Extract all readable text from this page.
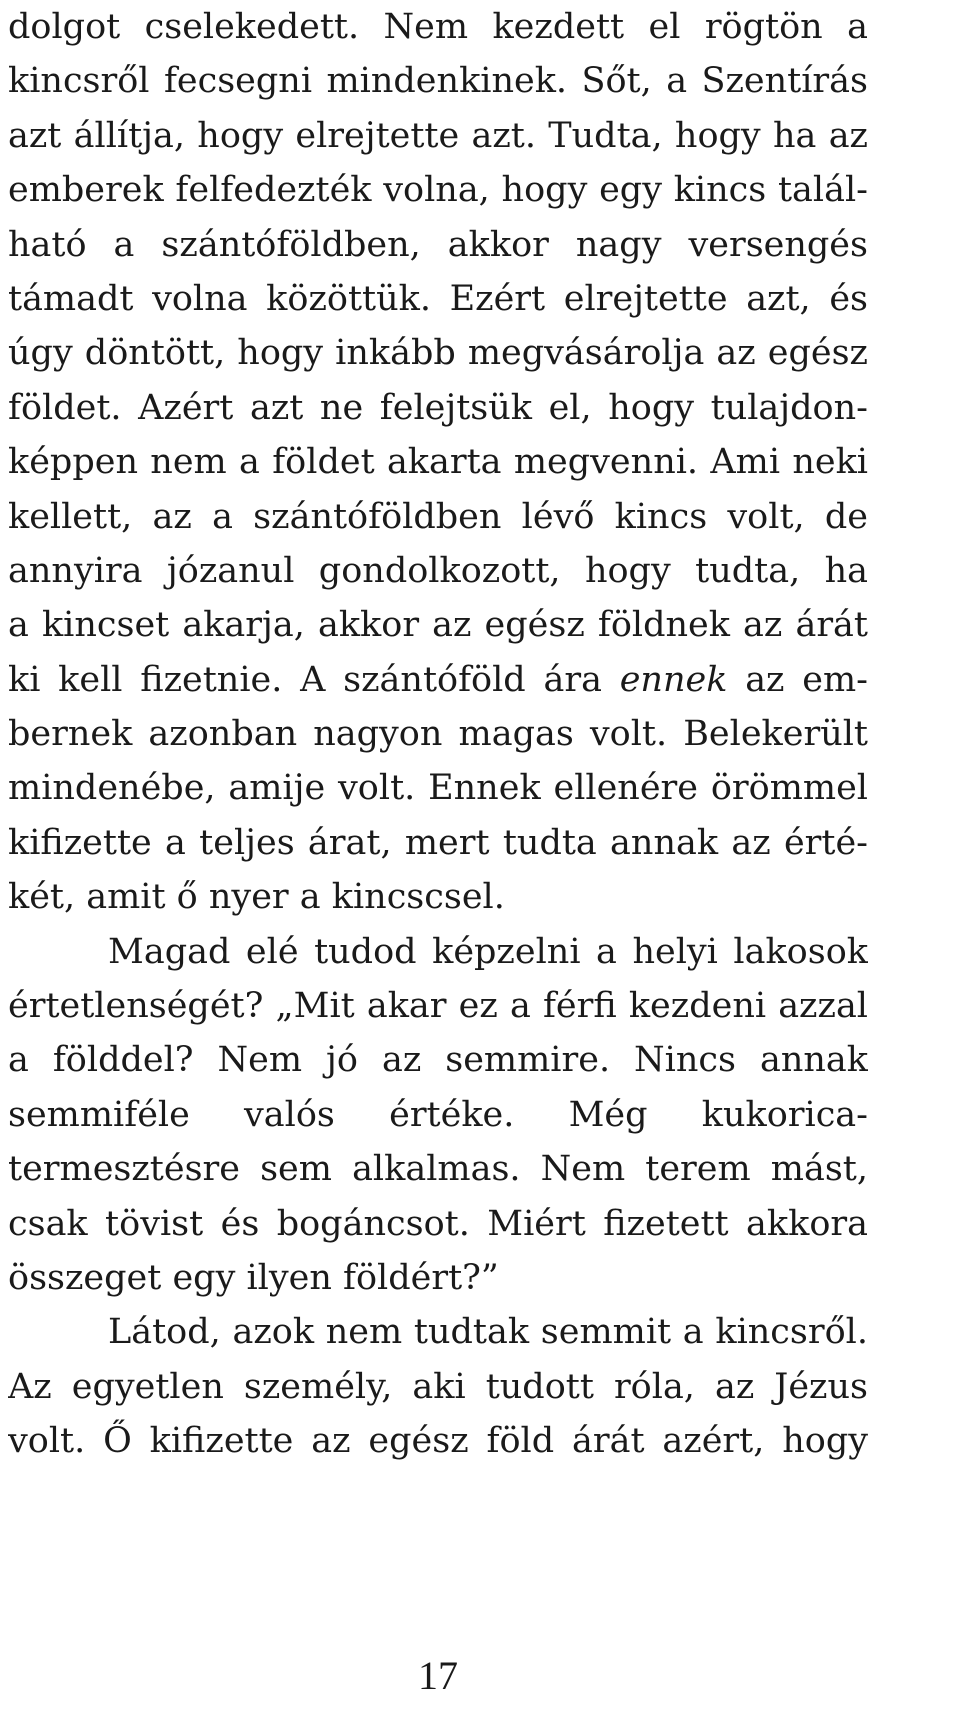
dolgot cselekedett. Nem kezdett el rögtön a
kincsről fecsegni mindenkinek. Sőt, a Szentírás
azt állítja, hogy elrejtette azt. Tudta, hogy ha az
emberek felfedezték volna, hogy egy kincs talál-
ható a szántóföldben, akkor nagy versengés
támadt volna közöttük. Ezért elrejtette azt, és
úgy döntött, hogy inkább megvásárolja az egész
földet. Azért azt ne felejtsük el, hogy tulajdon-
képpen nem a földet akarta megvenni. Ami neki
kellett, az a szántóföldben lévő kincs volt, de
annyira józanul gondolkozott, hogy tudta, ha
a kincset akarja, akkor az egész földnek az árát
ki kell fizetnie. A szántóföld ára ennek az em-
bernek azonban nagyon magas volt. Belekerült
mindenébe, amije volt. Ennek ellenére örömmel
kifizette a teljes árat, mert tudta annak az érté-
két, amit ő nyer a kincscsel.
Magad elé tudod képzelni a helyi lakosok
értetlenségét? „Mit akar ez a férfi kezdeni azzal
a földdel? Nem jó az semmire. Nincs annak
semmiféle valós értéke. Még kukorica-
termesztésre sem alkalmas. Nem terem mást,
csak tövist és bogáncsot. Miért fizetett akkora
összeget egy ilyen földért?”
Látod, azok nem tudtak semmit a kincsről.
Az egyetlen személy, aki tudott róla, az Jézus
volt. Ő kifizette az egész föld árát azért, hogy
17
